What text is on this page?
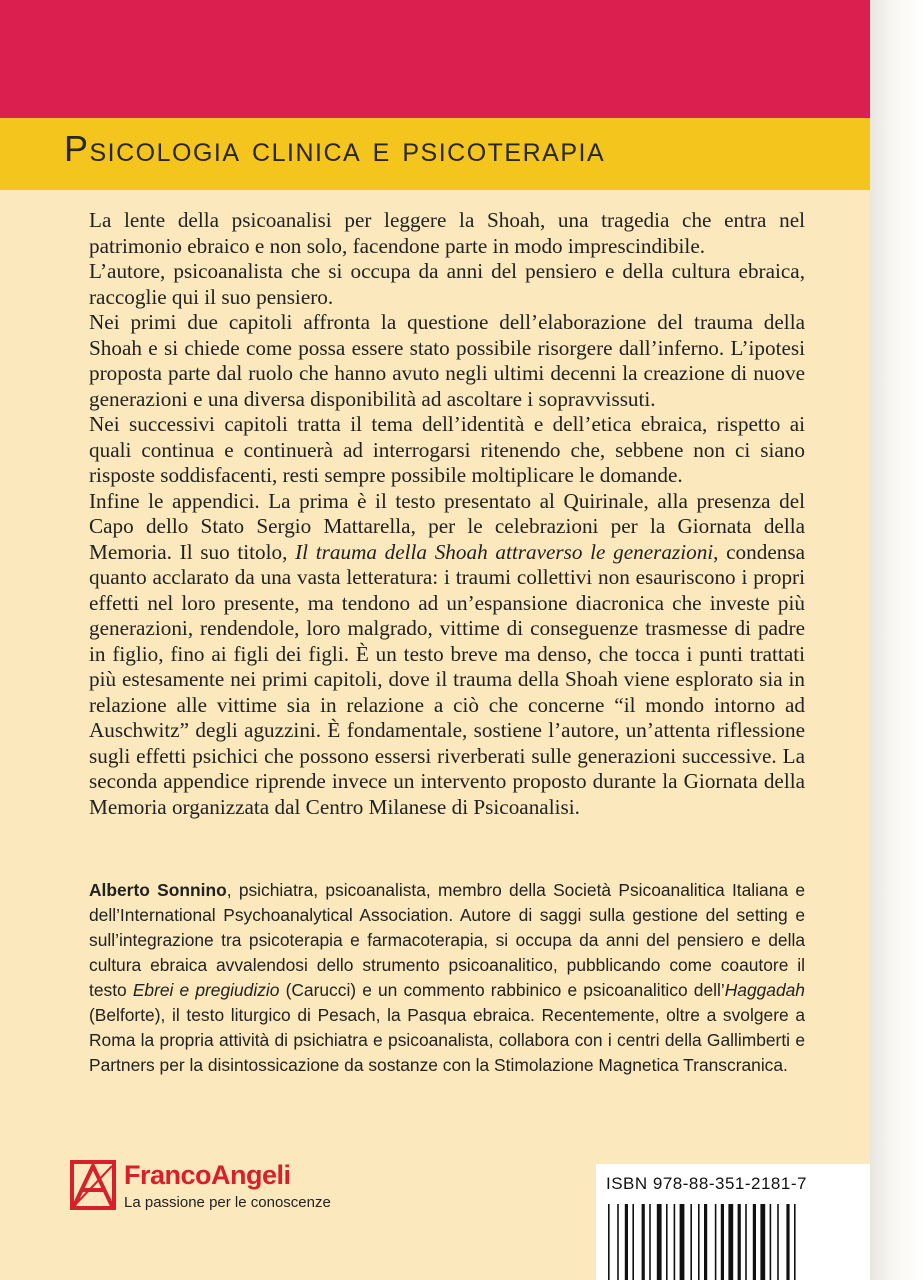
Psicologia clinica e psicoterapia

La lente della psicoanalisi per leggere la Shoah, una tragedia che entra nel patrimonio ebraico e non solo, facendone parte in modo imprescindibile.

L’autore, psicoanalista che si occupa da anni del pensiero e della cultura ebraica, raccoglie qui il suo pensiero.

Nei primi due capitoli affronta la questione dell’elaborazione del trauma della Shoah e si chiede come possa essere stato possibile risorgere dall’inferno. L’ipotesi proposta parte dal ruolo che hanno avuto negli ultimi decenni la creazione di nuove generazioni e una diversa disponibilità ad ascoltare i sopravvissuti.

Nei successivi capitoli tratta il tema dell’identità e dell’etica ebraica, rispetto ai quali continua e continuerà ad interrogarsi ritenendo che, sebbene non ci siano risposte soddisfacenti, resti sempre possibile moltiplicare le domande.

Infine le appendici. La prima è il testo presentato al Quirinale, alla presenza del Capo dello Stato Sergio Mattarella, per le celebrazioni per la Giornata della Memoria. Il suo titolo, Il trauma della Shoah attraverso le generazioni, condensa quanto acclarato da una vasta letteratura: i traumi collettivi non esauriscono i propri effetti nel loro presente, ma tendono ad un’espansione diacronica che investe più generazioni, rendendole, loro malgrado, vittime di conseguenze trasmesse di padre in figlio, fino ai figli dei figli. È un testo breve ma denso, che tocca i punti trattati più estesamente nei primi capitoli, dove il trauma della Shoah viene esplorato sia in relazione alle vittime sia in relazione a ciò che concerne “il mondo intorno ad Auschwitz” degli aguzzini. È fondamentale, sostiene l’autore, un’attenta riflessione sugli effetti psichici che possono essersi riverberati sulle generazioni successive. La seconda appendice riprende invece un intervento proposto durante la Giornata della Memoria organizzata dal Centro Milanese di Psicoanalisi.

Alberto Sonnino, psichiatra, psicoanalista, membro della Società Psicoanalitica Italiana e dell’International Psychoanalytical Association. Autore di saggi sulla gestione del setting e sull’integrazione tra psicoterapia e farmacoterapia, si occupa da anni del pensiero e della cultura ebraica avvalendosi dello strumento psicoanalitico, pubblicando come coautore il testo Ebrei e pregiudizio (Carucci) e un commento rabbinico e psicoanalitico dell’Haggadah (Belforte), il testo liturgico di Pesach, la Pasqua ebraica. Recentemente, oltre a svolgere a Roma la propria attività di psichiatra e psicoanalista, collabora con i centri della Gallimberti e Partners per la disintossicazione da sostanze con la Stimolazione Magnetica Transcranica.
FrancoAngeli
La passione per le conoscenze
ISBN 978-88-351-2181-7
